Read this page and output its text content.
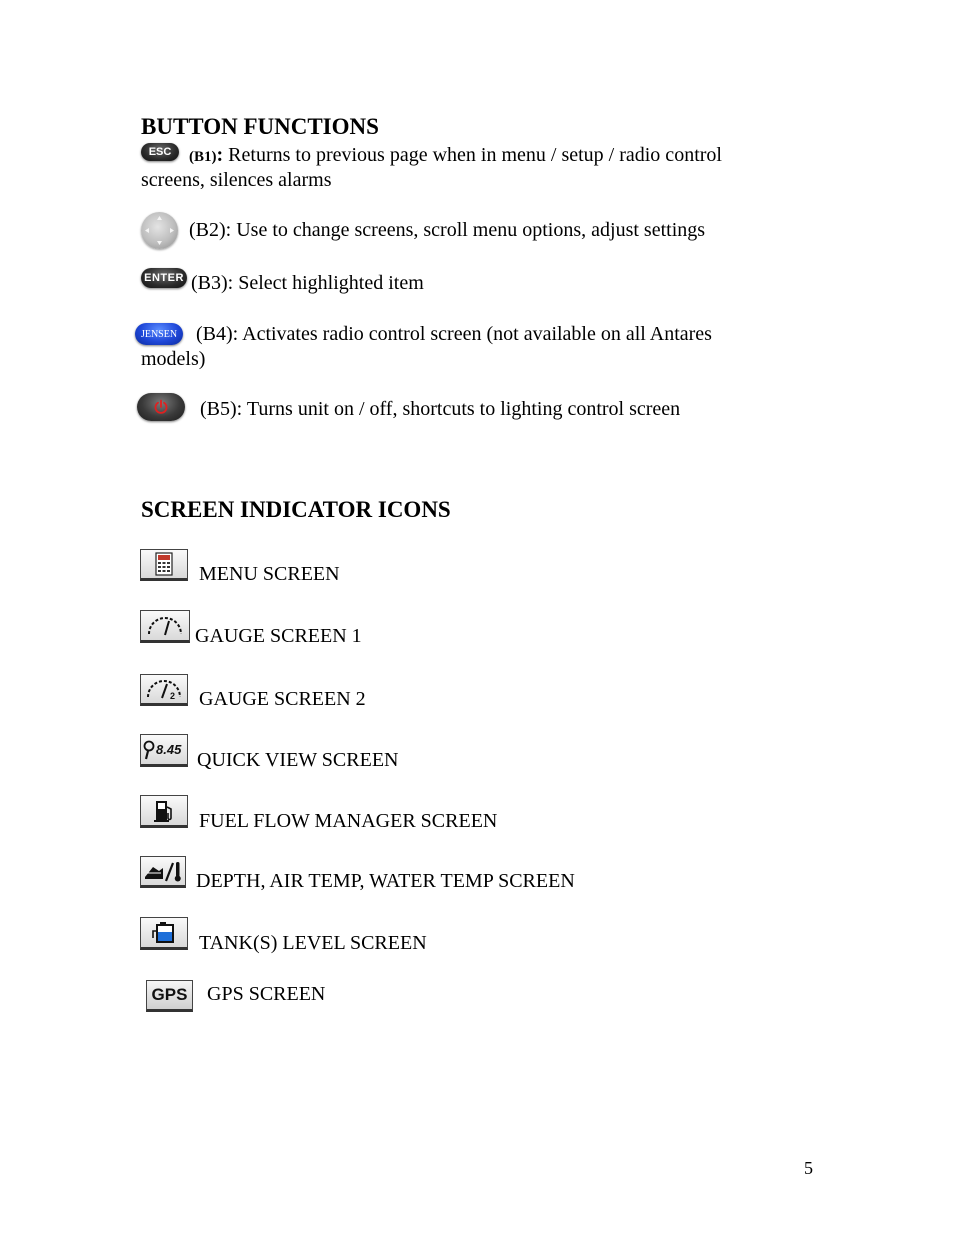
BUTTON FUNCTIONS
ESC (B1): Returns to previous page when in menu / setup / radio control
screens, silences alarms
(B2): Use to change screens, scroll menu options, adjust settings
ENTER (B3): Select highlighted item
JENSEN (B4): Activates radio control screen (not available on all Antares
models)
(B5): Turns unit on / off, shortcuts to lighting control screen
SCREEN INDICATOR ICONS
MENU SCREEN
GAUGE SCREEN 1
2 GAUGE SCREEN 2
8.45 QUICK VIEW SCREEN
FUEL FLOW MANAGER SCREEN
DEPTH, AIR TEMP, WATER TEMP SCREEN
TANK(S) LEVEL SCREEN
GPS GPS SCREEN
5
